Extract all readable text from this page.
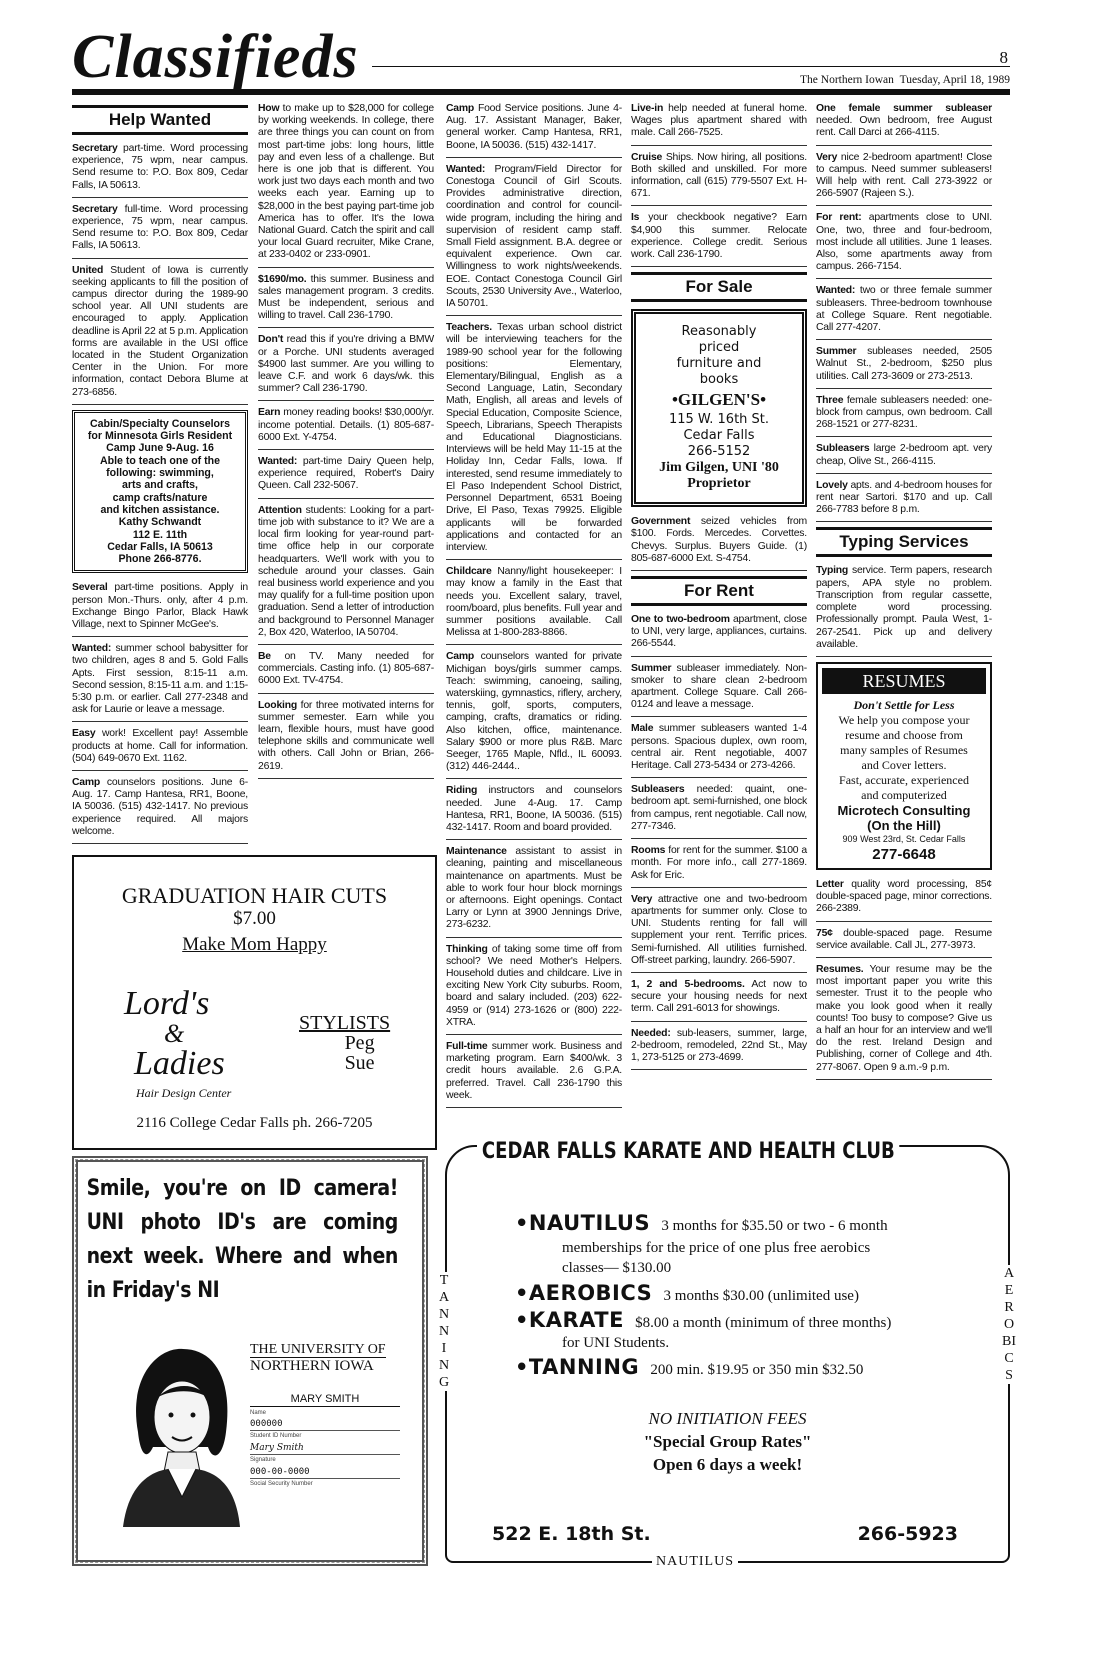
Classifieds	8
The Northern Iowan Tuesday, April 18, 1989
Help Wanted
Secretary part-time. Word processing experience, 75 wpm, near campus. Send resume to: P.O. Box 809, Cedar Falls, IA 50613.
Secretary full-time. Word processing experience, 75 wpm, near campus. Send resume to: P.O. Box 809, Cedar Falls, IA 50613.
United Student of Iowa is currently seeking applicants to fill the position of campus director during the 1989-90 school year. All UNI students are encouraged to apply. Application deadline is April 22 at 5 p.m. Application forms are available in the USI office located in the Student Organization Center in the Union. For more information, contact Debora Blume at 273-6856.
Cabin/Specialty Counselors
for Minnesota Girls Resident
Camp June 9-Aug. 16
Able to teach one of the
following: swimming,
arts and crafts,
camp crafts/nature
and kitchen assistance.
Kathy Schwandt
112 E. 11th
Cedar Falls, IA 50613
Phone 266-8776.
Several part-time positions. Apply in person Mon.-Thurs. only, after 4 p.m. Exchange Bingo Parlor, Black Hawk Village, next to Spinner McGee's.
Wanted: summer school babysitter for two children, ages 8 and 5. Gold Falls Apts. First session, 8:15-11 a.m. Second session, 8:15-11 a.m. and 1:15-5:30 p.m. or earlier. Call 277-2348 and ask for Laurie or leave a message.
Easy work! Excellent pay! Assemble products at home. Call for information. (504) 649-0670 Ext. 1162.
Camp counselors positions. June 6-Aug. 17. Camp Hantesa, RR1, Boone, IA 50036. (515) 432-1417. No previous experience required. All majors welcome.
How to make up to $28,000 for college by working weekends. In college, there are three things you can count on from most part-time jobs: long hours, little pay and even less of a challenge. But here is one job that is different. You work just two days each month and two weeks each year. Earning up to $28,000 in the best paying part-time job America has to offer. It's the Iowa National Guard. Catch the spirit and call your local Guard recruiter, Mike Crane, at 233-0402 or 233-0901.
$1690/mo. this summer. Business and sales management program. 3 credits. Must be independent, serious and willing to travel. Call 236-1790.
Don't read this if you're driving a BMW or a Porche. UNI students averaged $4900 last summer. Are you willing to leave C.F. and work 6 days/wk. this summer? Call 236-1790.
Earn money reading books! $30,000/yr. income potential. Details. (1) 805-687-6000 Ext. Y-4754.
Wanted: part-time Dairy Queen help, experience required, Robert's Dairy Queen. Call 232-5067.
Attention students: Looking for a part-time job with substance to it? We are a local firm looking for year-round part-time office help in our corporate headquarters. We'll work with you to schedule around your classes. Gain real business world experience and you may qualify for a full-time position upon graduation. Send a letter of introduction and background to Personnel Manager 2, Box 420, Waterloo, IA 50704.
Be on TV. Many needed for commercials. Casting info. (1) 805-687-6000 Ext. TV-4754.
Looking for three motivated interns for summer semester. Earn while you learn, flexible hours, must have good telephone skills and communicate well with others. Call John or Brian, 266-2619.
Camp Food Service positions. June 4-Aug. 17. Assistant Manager, Baker, general worker. Camp Hantesa, RR1, Boone, IA 50036. (515) 432-1417.
Wanted: Program/Field Director for Conestoga Council of Girl Scouts. Provides administrative direction, coordination and control for council-wide program, including the hiring and supervision of resident camp staff. Small Field assignment. B.A. degree or equivalent experience. Own car. Willingness to work nights/weekends. EOE. Contact Conestoga Council Girl Scouts, 2530 University Ave., Waterloo, IA 50701.
Teachers. Texas urban school district will be interviewing teachers for the 1989-90 school year for the following positions: Elementary, Elementary/Bilingual, English as a Second Language, Latin, Secondary Math, English, all areas and levels of Special Education, Composite Science, Speech, Librarians, Speech Therapists and Educational Diagnosticians. Interviews will be held May 11-15 at the Holiday Inn, Cedar Falls, Iowa. If interested, send resume immediately to El Paso Independent School District, Personnel Department, 6531 Boeing Drive, El Paso, Texas 79925. Eligible applicants will be forwarded applications and contacted for an interview.
Childcare Nanny/light housekeeper: I may know a family in the East that needs you. Excellent salary, travel, room/board, plus benefits. Full year and summer positions available. Call Melissa at 1-800-283-8866.
Camp counselors wanted for private Michigan boys/girls summer camps. Teach: swimming, canoeing, sailing, waterskiing, gymnastics, riflery, archery, tennis, golf, sports, computers, camping, crafts, dramatics or riding. Also kitchen, office, maintenance. Salary $900 or more plus R&B. Marc Seeger, 1765 Maple, Nfld., IL 60093. (312) 446-2444..
Riding instructors and counselors needed. June 4-Aug. 17. Camp Hantesa, RR1, Boone, IA 50036. (515) 432-1417. Room and board provided.
Maintenance assistant to assist in cleaning, painting and miscellaneous maintenance on apartments. Must be able to work four hour block mornings or afternoons. Eight openings. Contact Larry or Lynn at 3900 Jennings Drive, 273-6232.
Thinking of taking some time off from school? We need Mother's Helpers. Household duties and childcare. Live in exciting New York City suburbs. Room, board and salary included. (203) 622-4959 or (914) 273-1626 or (800) 222-XTRA.
Full-time summer work. Business and marketing program. Earn $400/wk. 3 credit hours available. 2.6 G.P.A. preferred. Travel. Call 236-1790 this week.
Live-in help needed at funeral home. Wages plus apartment shared with male. Call 266-7525.
Cruise Ships. Now hiring, all positions. Both skilled and unskilled. For more information, call (615) 779-5507 Ext. H-671.
Is your checkbook negative? Earn $4,900 this summer. Relocate experience. College credit. Serious work. Call 236-1790.
For Sale
Reasonably
priced
furniture and
books
•GILGEN'S•
115 W. 16th St.
Cedar Falls
266-5152
Jim Gilgen, UNI '80
Proprietor
Government seized vehicles from $100. Fords. Mercedes. Corvettes. Chevys. Surplus. Buyers Guide. (1) 805-687-6000 Ext. S-4754.
For Rent
One to two-bedroom apartment, close to UNI, very large, appliances, curtains. 266-5544.
Summer subleaser immediately. Non-smoker to share clean 2-bedroom apartment. College Square. Call 266-0124 and leave a message.
Male summer subleasers wanted 1-4 persons. Spacious duplex, own room, central air. Rent negotiable, 4007 Heritage. Call 273-5434 or 273-4266.
Subleasers needed: quaint, one-bedroom apt. semi-furnished, one block from campus, rent negotiable. Call now, 277-7346.
Rooms for rent for the summer. $100 a month. For more info., call 277-1869. Ask for Eric.
Very attractive one and two-bedroom apartments for summer only. Close to UNI. Students renting for fall will supplement your rent. Terrific prices. Semi-furnished. All utilities furnished. Off-street parking, laundry. 266-5907.
1, 2 and 5-bedrooms. Act now to secure your housing needs for next term. Call 291-6013 for showings.
Needed: sub-leasers, summer, large, 2-bedroom, remodeled, 22nd St., May 1, 273-5125 or 273-4699.
One female summer subleaser needed. Own bedroom, free August rent. Call Darci at 266-4115.
Very nice 2-bedroom apartment! Close to campus. Need summer subleasers! Will help with rent. Call 273-3922 or 266-5907 (Rajeen S.).
For rent: apartments close to UNI. One, two, three and four-bedroom, most include all utilities. June 1 leases. Also, some apartments away from campus. 266-7154.
Wanted: two or three female summer subleasers. Three-bedroom townhouse at College Square. Rent negotiable. Call 277-4207.
Summer subleases needed, 2505 Walnut St., 2-bedroom, $250 plus utilities. Call 273-3609 or 273-2513.
Three female subleasers needed: one-block from campus, own bedroom. Call 268-1521 or 277-8231.
Subleasers large 2-bedroom apt. very cheap, Olive St., 266-4115.
Lovely apts. and 4-bedroom houses for rent near Sartori. $170 and up. Call 266-7783 before 8 p.m.
Typing Services
Typing service. Term papers, research papers, APA style no problem. Transcription from regular cassette, complete word processing. Professionally prompt. Paula West, 1-267-2541. Pick up and delivery available.
RESUMES
Don't Settle for Less
We help you compose your
resume and choose from
many samples of Resumes
and Cover letters.
Fast, accurate, experienced
and computerized
Microtech Consulting
(On the Hill)
909 West 23rd, St. Cedar Falls
277-6648
Letter quality word processing, 85¢ double-spaced page, minor corrections. 266-2389.
75¢ double-spaced page. Resume service available. Call JL, 277-3973.
Resumes. Your resume may be the most important paper you write this semester. Trust it to the people who make you look good when it really counts! Too busy to compose? Give us a half an hour for an interview and we'll do the rest. Ireland Design and Publishing, corner of College and 4th. 277-8067. Open 9 a.m.-9 p.m.
GRADUATION HAIR CUTS
$7.00
Make Mom Happy
Lord's
&
Ladies
Hair Design Center
STYLISTS
Peg
Sue
2116 College Cedar Falls ph. 266-7205
Smile, you're on ID camera! UNI photo ID's are coming next week. Where and when in Friday's NI
THE UNIVERSITY OF
NORTHERN IOWA
MARY SMITH
Name
000000
Student ID Number
Mary Smith
Signature
000-00-0000
Social Security Number
CEDAR FALLS KARATE AND HEALTH CLUB
TANNING
AEROBICS
•NAUTILUS 3 months for $35.50 or two - 6 month
memberships for the price of one plus free aerobics
classes— $130.00
•AEROBICS 3 months $30.00 (unlimited use)
•KARATE $8.00 a month (minimum of three months)
for UNI Students.
•TANNING 200 min. $19.95 or 350 min $32.50
NO INITIATION FEES
"Special Group Rates"
Open 6 days a week!
522 E. 18th St.	266-5923
NAUTILUS
